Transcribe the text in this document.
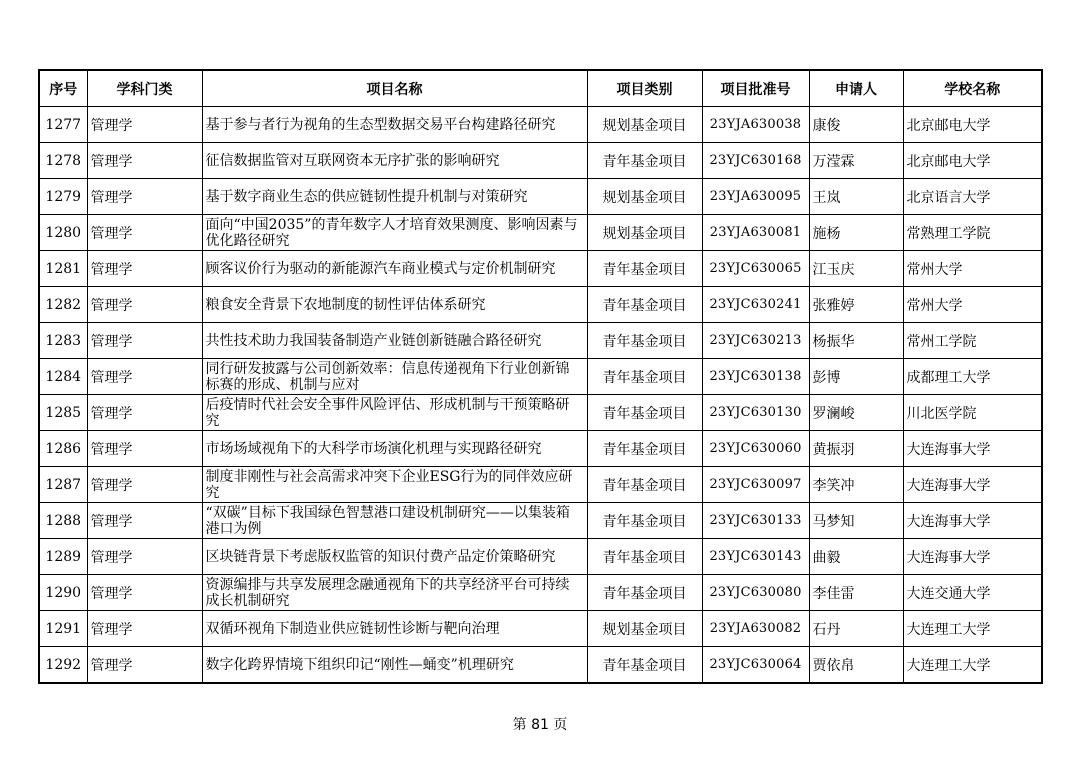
序号	学科门类	项目名称	项目类别	项目批准号	申请人	学校名称
1277	管理学	基于参与者行为视角的生态型数据交易平台构建路径研究	规划基金项目	23YJA630038	康俊	北京邮电大学
1278	管理学	征信数据监管对互联网资本无序扩张的影响研究	青年基金项目	23YJC630168	万滢霖	北京邮电大学
1279	管理学	基于数字商业生态的供应链韧性提升机制与对策研究	规划基金项目	23YJA630095	王岚	北京语言大学
1280	管理学	面向“中国2035”的青年数字人才培育效果测度、影响因素与优化路径研究	规划基金项目	23YJA630081	施杨	常熟理工学院
1281	管理学	顾客议价行为驱动的新能源汽车商业模式与定价机制研究	青年基金项目	23YJC630065	江玉庆	常州大学
1282	管理学	粮食安全背景下农地制度的韧性评估体系研究	青年基金项目	23YJC630241	张雅婷	常州大学
1283	管理学	共性技术助力我国装备制造产业链创新链融合路径研究	青年基金项目	23YJC630213	杨振华	常州工学院
1284	管理学	同行研发披露与公司创新效率：信息传递视角下行业创新锦标赛的形成、机制与应对	青年基金项目	23YJC630138	彭博	成都理工大学
1285	管理学	后疫情时代社会安全事件风险评估、形成机制与干预策略研究	青年基金项目	23YJC630130	罗澜峻	川北医学院
1286	管理学	市场场域视角下的大科学市场演化机理与实现路径研究	青年基金项目	23YJC630060	黄振羽	大连海事大学
1287	管理学	制度非刚性与社会高需求冲突下企业ESG行为的同伴效应研究	青年基金项目	23YJC630097	李笑冲	大连海事大学
1288	管理学	“双碳”目标下我国绿色智慧港口建设机制研究——以集装箱港口为例	青年基金项目	23YJC630133	马梦知	大连海事大学
1289	管理学	区块链背景下考虑版权监管的知识付费产品定价策略研究	青年基金项目	23YJC630143	曲毅	大连海事大学
1290	管理学	资源编排与共享发展理念融通视角下的共享经济平台可持续成长机制研究	青年基金项目	23YJC630080	李佳雷	大连交通大学
1291	管理学	双循环视角下制造业供应链韧性诊断与靶向治理	规划基金项目	23YJA630082	石丹	大连理工大学
1292	管理学	数字化跨界情境下组织印记“刚性—蛹变”机理研究	青年基金项目	23YJC630064	贾依帛	大连理工大学
第 81 页
